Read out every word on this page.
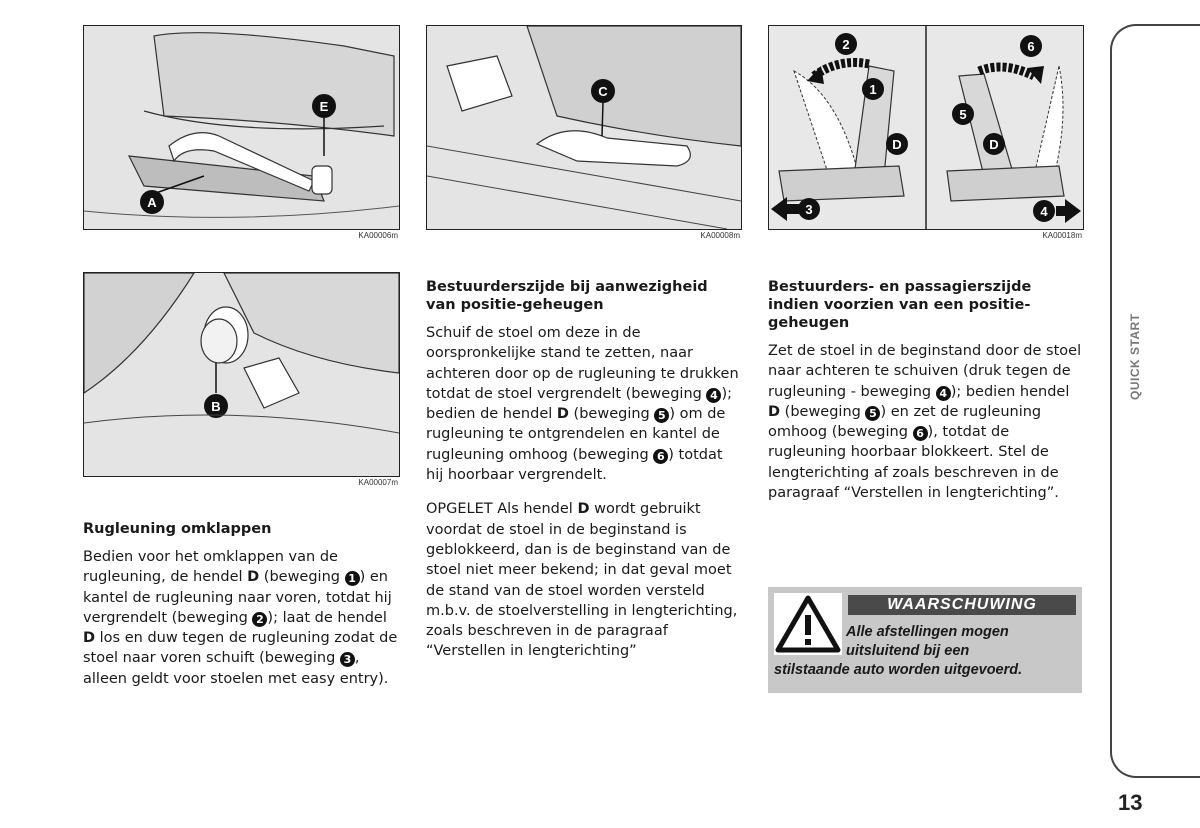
E
A
KA00006m
C
KA00008m
2
1
D
3
6
5
D
4
KA00018m
B
KA00007m
Rugleuning omklappen

Bedien voor het omklappen van de rugleuning, de hendel D (beweging 1 ) en kantel de rugleuning naar voren, totdat hij vergrendelt (beweging 2 ); laat de hendel D los en duw tegen de rugleuning zodat de stoel naar voren schuift (beweging 3 , alleen geldt voor stoelen met easy entry).

Bestuurderszijde bij aanwezigheid van positie-geheugen

Schuif de stoel om deze in de oorspronkelijke stand te zetten, naar achteren door op de rugleuning te drukken totdat de stoel vergrendelt (beweging 4 ); bedien de hendel D (beweging 5 ) om de rugleuning te ontgrendelen en kantel de rugleuning omhoog (beweging 6 ) totdat hij hoorbaar vergrendelt.

OPGELET Als hendel D wordt gebruikt voordat de stoel in de beginstand is geblokkeerd, dan is de beginstand van de stoel niet meer bekend; in dat geval moet de stand van de stoel worden versteld m.b.v. de stoelverstelling in lengterichting, zoals beschreven in de paragraaf “Verstellen in lengterichting”

Bestuurders- en passagierszijde indien voorzien van een positie-geheugen

Zet de stoel in de beginstand door de stoel naar achteren te schuiven (druk tegen de rugleuning - beweging 4 ); bedien hendel D (beweging 5 ) en zet de rugleuning omhoog (beweging 6 ), totdat de rugleuning hoorbaar blokkeert. Stel de lengterichting af zoals beschreven in de paragraaf “Verstellen in lengterichting”.

WAARSCHUWING
Alle afstellingen mogen
uitsluitend bij een
stilstaande auto worden uitgevoerd.
QUICK START
13
